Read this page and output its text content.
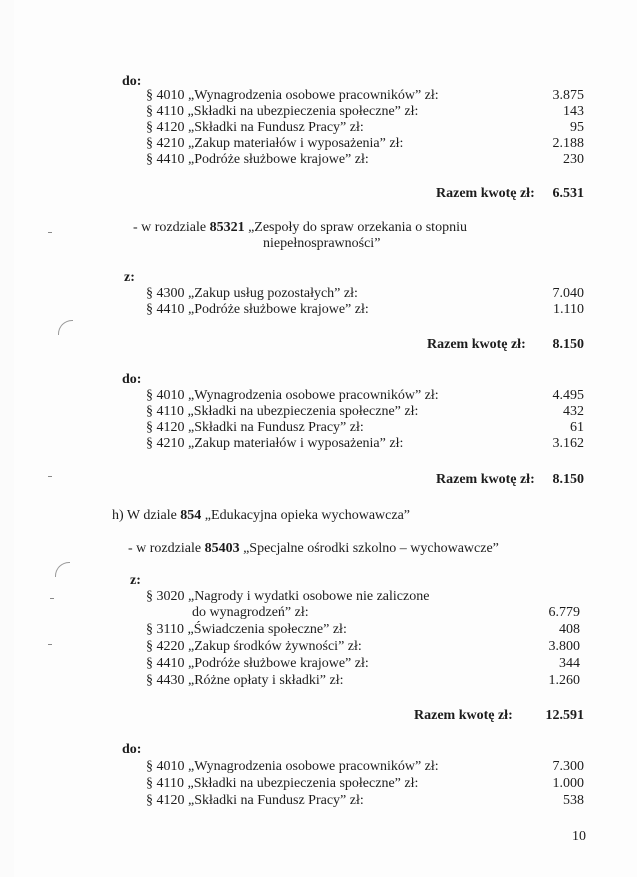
do:
§ 4010 „Wynagrodzenia osobowe pracowników” zł:	3.875
§ 4110 „Składki na ubezpieczenia społeczne” zł:	143
§ 4120 „Składki na Fundusz Pracy” zł:	95
§ 4210 „Zakup materiałów i wyposażenia” zł:	2.188
§ 4410 „Podróże służbowe krajowe” zł:	230
Razem kwotę zł:	6.531
- w rozdziale 85321 „Zespoły do spraw orzekania o stopniu
niepełnosprawności”
z:
§ 4300 „Zakup usług pozostałych” zł:	7.040
§ 4410 „Podróże służbowe krajowe” zł:	1.110
Razem kwotę zł:	8.150
do:
§ 4010 „Wynagrodzenia osobowe pracowników” zł:	4.495
§ 4110 „Składki na ubezpieczenia społeczne” zł:	432
§ 4120 „Składki na Fundusz Pracy” zł:	61
§ 4210 „Zakup materiałów i wyposażenia” zł:	3.162
Razem kwotę zł:	8.150
h) W dziale 854 „Edukacyjna opieka wychowawcza”
- w rozdziale 85403 „Specjalne ośrodki szkolno – wychowawcze”
z:
§ 3020 „Nagrody i wydatki osobowe nie zaliczone
do wynagrodzeń” zł:	6.779
§ 3110 „Świadczenia społeczne” zł:	408
§ 4220 „Zakup środków żywności” zł:	3.800
§ 4410 „Podróże służbowe krajowe” zł:	344
§ 4430 „Różne opłaty i składki” zł:	1.260
Razem kwotę zł:	12.591
do:
§ 4010 „Wynagrodzenia osobowe pracowników” zł:	7.300
§ 4110 „Składki na ubezpieczenia społeczne” zł:	1.000
§ 4120 „Składki na Fundusz Pracy” zł:	538
10
